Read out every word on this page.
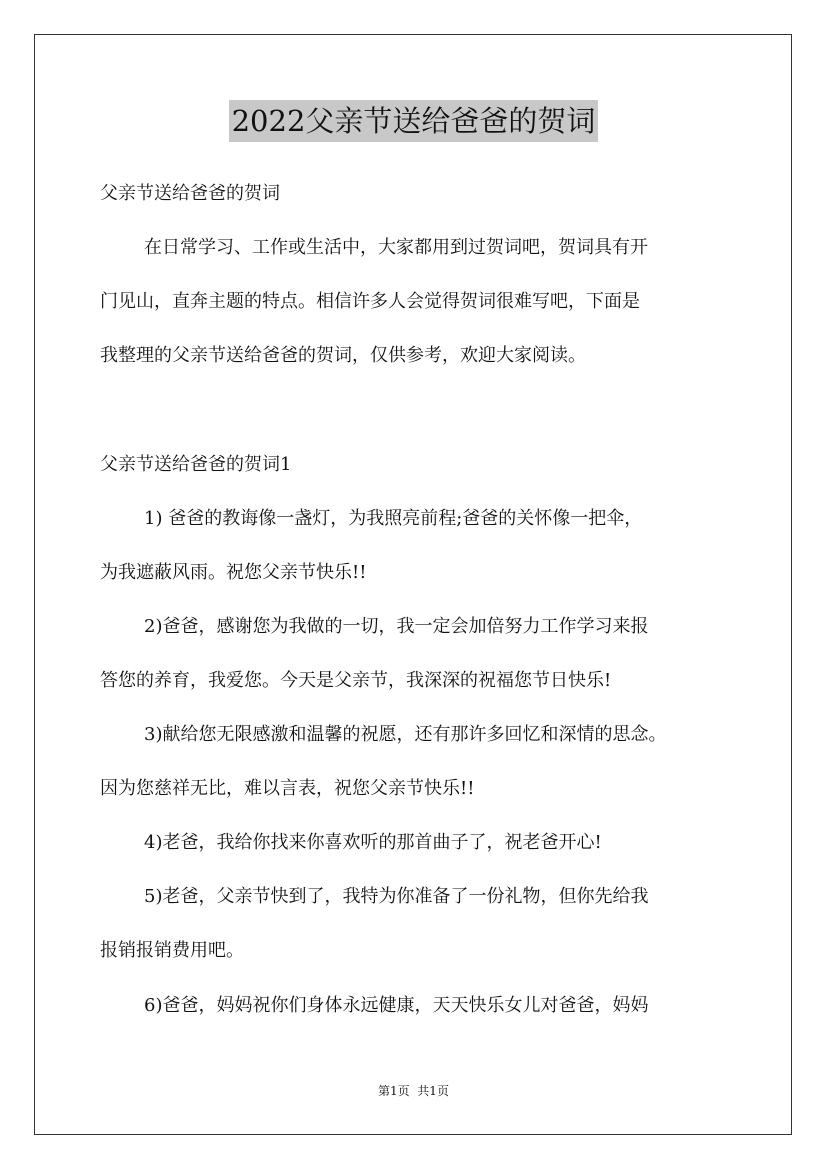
2022父亲节送给爸爸的贺词
父亲节送给爸爸的贺词
在日常学习、工作或生活中，大家都用到过贺词吧，贺词具有开
门见山，直奔主题的特点。相信许多人会觉得贺词很难写吧，下面是
我整理的父亲节送给爸爸的贺词，仅供参考，欢迎大家阅读。
父亲节送给爸爸的贺词1
1) 爸爸的教诲像一盏灯，为我照亮前程;爸爸的关怀像一把伞，
为我遮蔽风雨。祝您父亲节快乐!!
2)爸爸，感谢您为我做的一切，我一定会加倍努力工作学习来报
答您的养育，我爱您。今天是父亲节，我深深的祝福您节日快乐!
3)献给您无限感激和温馨的祝愿，还有那许多回忆和深情的思念。
因为您慈祥无比，难以言表，祝您父亲节快乐!!
4)老爸，我给你找来你喜欢听的那首曲子了，祝老爸开心!
5)老爸，父亲节快到了，我特为你准备了一份礼物，但你先给我
报销报销费用吧。
6)爸爸，妈妈祝你们身体永远健康，天天快乐女儿对爸爸，妈妈
第1页  共1页
